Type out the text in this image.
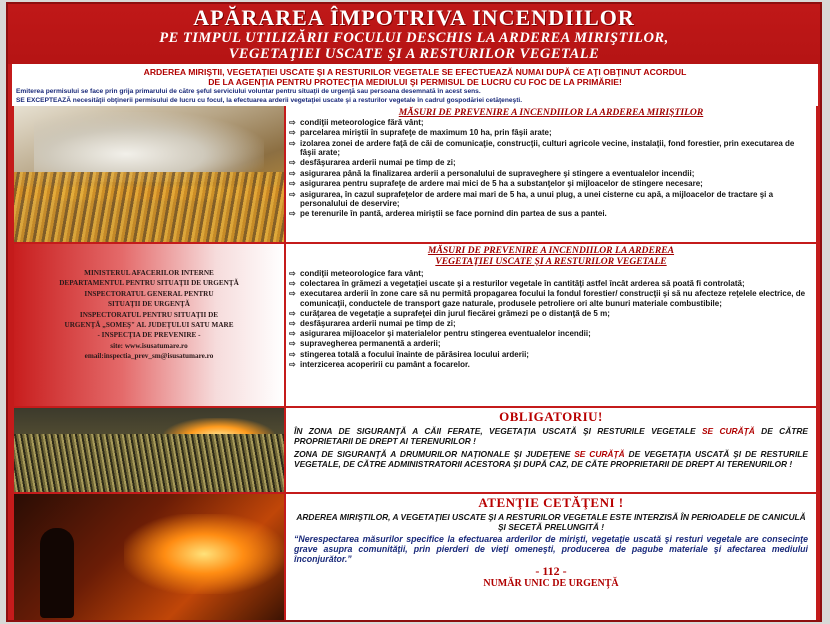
APĂRAREA ÎMPOTRIVA INCENDIILOR
PE TIMPUL UTILIZĂRII FOCULUI DESCHIS LA ARDEREA MIRIŞTILOR,
VEGETAŢIEI USCATE ŞI A RESTURILOR VEGETALE
ARDEREA MIRIŞTII, VEGETAŢIEI USCATE ŞI A RESTURILOR VEGETALE SE EFECTUEAZĂ NUMAI DUPĂ CE AŢI OBŢINUT ACORDUL
DE LA AGENŢIA PENTRU PROTECŢIA MEDIULUI ŞI PERMISUL DE LUCRU CU FOC DE LA PRIMĂRIE!
Emiterea permisului se face prin grija primarului de către şeful serviciului voluntar pentru situaţii de urgenţă sau persoana desemnată în acest sens.
SE EXCEPTEAZĂ necesităţii obţinerii permisului de lucru cu focul, la efectuarea arderii vegetaţiei uscate şi a resturilor vegetale în cadrul gospodăriei cetăţeneşti.
MĂSURI DE PREVENIRE A INCENDIILOR LA ARDEREA MIRIŞTILOR
⇨ condiţii meteorologice fără vânt;
⇨ parcelarea miriştii în suprafeţe de maximum 10 ha, prin fâşii arate;
⇨ izolarea zonei de ardere faţă de căi de comunicaţie, construcţii, culturi agricole vecine, instalaţii, fond forestier, prin executarea de fâşii arate;
⇨ desfăşurarea arderii numai pe timp de zi;
⇨ asigurarea până la finalizarea arderii a personalului de supraveghere şi stingere a eventualelor incendii;
⇨ asigurarea pentru suprafeţe de ardere mai mici de 5 ha a substanţelor şi mijloacelor de stingere necesare;
⇨ asigurarea, în cazul suprafeţelor de ardere mai mari de 5 ha, a unui plug, a unei cisterne cu apă, a mijloacelor de tractare şi a personalului de deservire;
⇨ pe terenurile în pantă, arderea miriştii se face pornind din partea de sus a pantei.
MINISTERUL AFACERILOR INTERNE
DEPARTAMENTUL PENTRU SITUAŢII DE URGENŢĂ
INSPECTORATUL GENERAL PENTRU
SITUAŢII DE URGENŢĂ
INSPECTORATUL PENTRU SITUAŢII DE
URGENŢĂ „SOMEŞ" AL JUDEŢULUI SATU MARE
- INSPECŢIA DE PREVENIRE -
site: www.isusatumare.ro
email:inspectia_prev_sm@isusatumare.ro
MĂSURI DE PREVENIRE A INCENDIILOR LA ARDEREA
VEGETAŢIEI USCATE ŞI A RESTURILOR VEGETALE
⇨ condiţii meteorologice fara vânt;
⇨ colectarea în grămezi a vegetaţiei uscate şi a resturilor vegetale în cantităţi astfel încât arderea să poată fi controlată;
⇨ executarea arderii în zone care să nu permită propagarea focului la fondul forestier/ construcţii şi să nu afecteze reţelele electrice, de comunicaţii, conductele de transport gaze naturale, produsele petroliere ori alte bunuri materiale combustibile;
⇨ curăţarea de vegetaţie a suprafeţei din jurul fiecărei grămezi pe o distanţă de 5 m;
⇨ desfăşurarea arderii numai pe timp de zi;
⇨ asigurarea mijloacelor şi materialelor pentru stingerea eventualelor incendii;
⇨ supravegherea permanentă a arderii;
⇨ stingerea totală a focului înainte de părăsirea locului arderii;
⇨ interzicerea acoperirii cu pamânt a focarelor.
OBLIGATORIU!
ÎN ZONA DE SIGURANŢĂ A CĂII FERATE, VEGETAŢIA USCATĂ ŞI RESTURILE VEGETALE SE CURĂŢĂ DE CĂTRE PROPRIETARII DE DREPT AI TERENURILOR !
ZONA DE SIGURANŢĂ A DRUMURILOR NAŢIONALE ŞI JUDEŢENE SE CURĂŢĂ DE VEGETAŢIA USCATĂ ŞI DE RESTURILE VEGETALE, DE CĂTRE ADMINISTRATORII ACESTORA ŞI DUPĂ CAZ, DE CĂTE PROPRIETARII DE DREPT AI TERENURILOR !
ATENŢIE CETĂŢENI !
ARDEREA MIRIŞTILOR, A VEGETAŢIEI USCATE ŞI A RESTURILOR VEGETALE ESTE INTERZISĂ ÎN PERIOADELE DE CANICULĂ ŞI SECETĂ PRELUNGITĂ !
“Nerespectarea măsurilor specifice la efectuarea arderilor de mirişti, vegetaţie uscată şi resturi vegetale are consecinţe grave asupra comunităţii, prin pierderi de vieţi omeneşti, producerea de pagube materiale şi afectarea mediului înconjurător.”
- 112 -
NUMĂR UNIC DE URGENŢĂ
